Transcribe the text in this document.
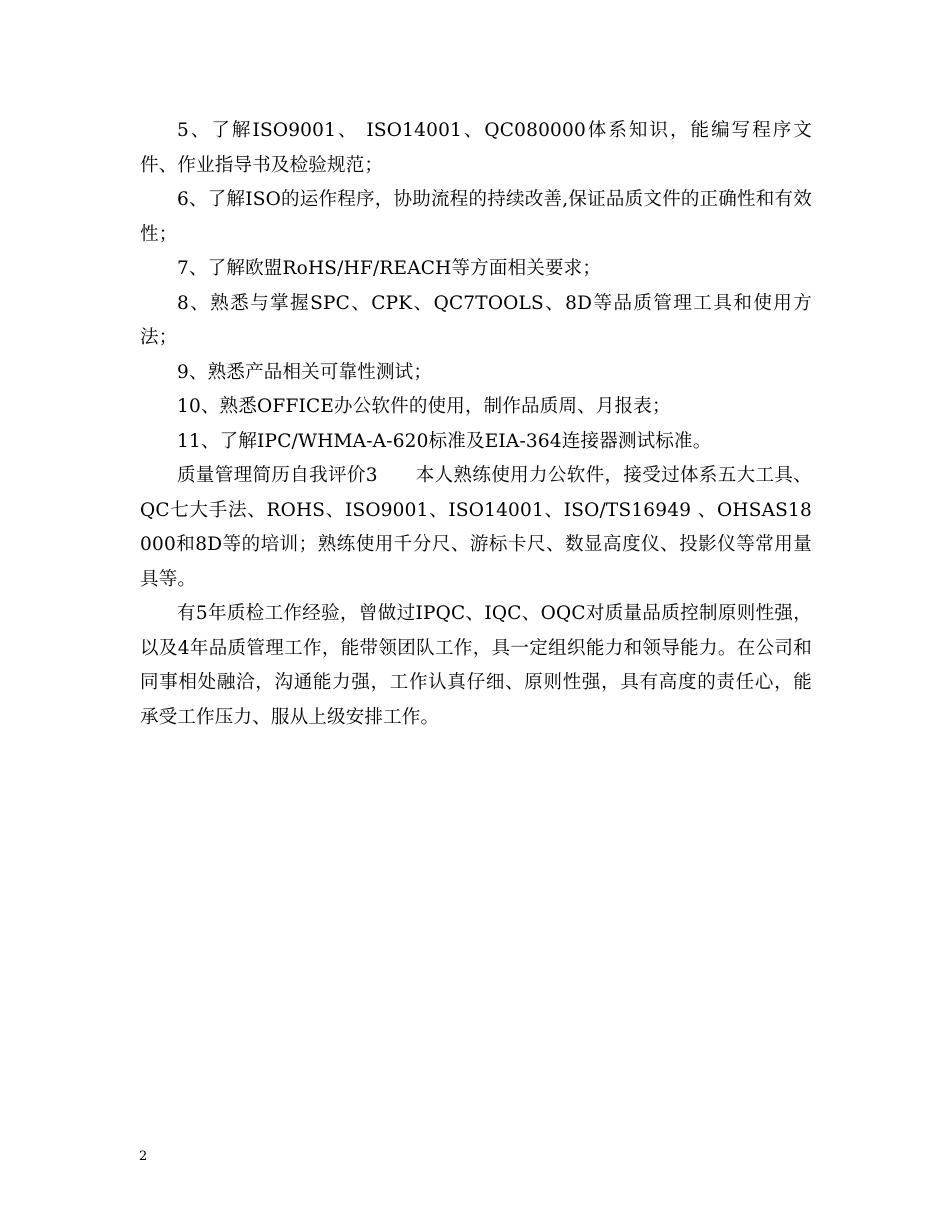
5、了解ISO9001、 ISO14001、QC080000体系知识，能编写程序文件、作业指导书及检验规范；

6、了解ISO的运作程序，协助流程的持续改善,保证品质文件的正确性和有效性；

7、了解欧盟RoHS/HF/REACH等方面相关要求；

8、熟悉与掌握SPC、CPK、QC7TOOLS、8D等品质管理工具和使用方法；

9、熟悉产品相关可靠性测试；

10、熟悉OFFICE办公软件的使用，制作品质周、月报表；

11、了解IPC/WHMA-A-620标准及EIA-364连接器测试标准。

质量管理简历自我评价3　　本人熟练使用力公软件，接受过体系五大工具、QC七大手法、ROHS、ISO9001、ISO14001、ISO/TS16949 、OHSAS18000和8D等的培训；熟练使用千分尺、游标卡尺、数显高度仪、投影仪等常用量具等。

有5年质检工作经验，曾做过IPQC、IQC、OQC对质量品质控制原则性强，以及4年品质管理工作，能带领团队工作，具一定组织能力和领导能力。在公司和同事相处融洽，沟通能力强，工作认真仔细、原则性强，具有高度的责任心，能承受工作压力、服从上级安排工作。

2
